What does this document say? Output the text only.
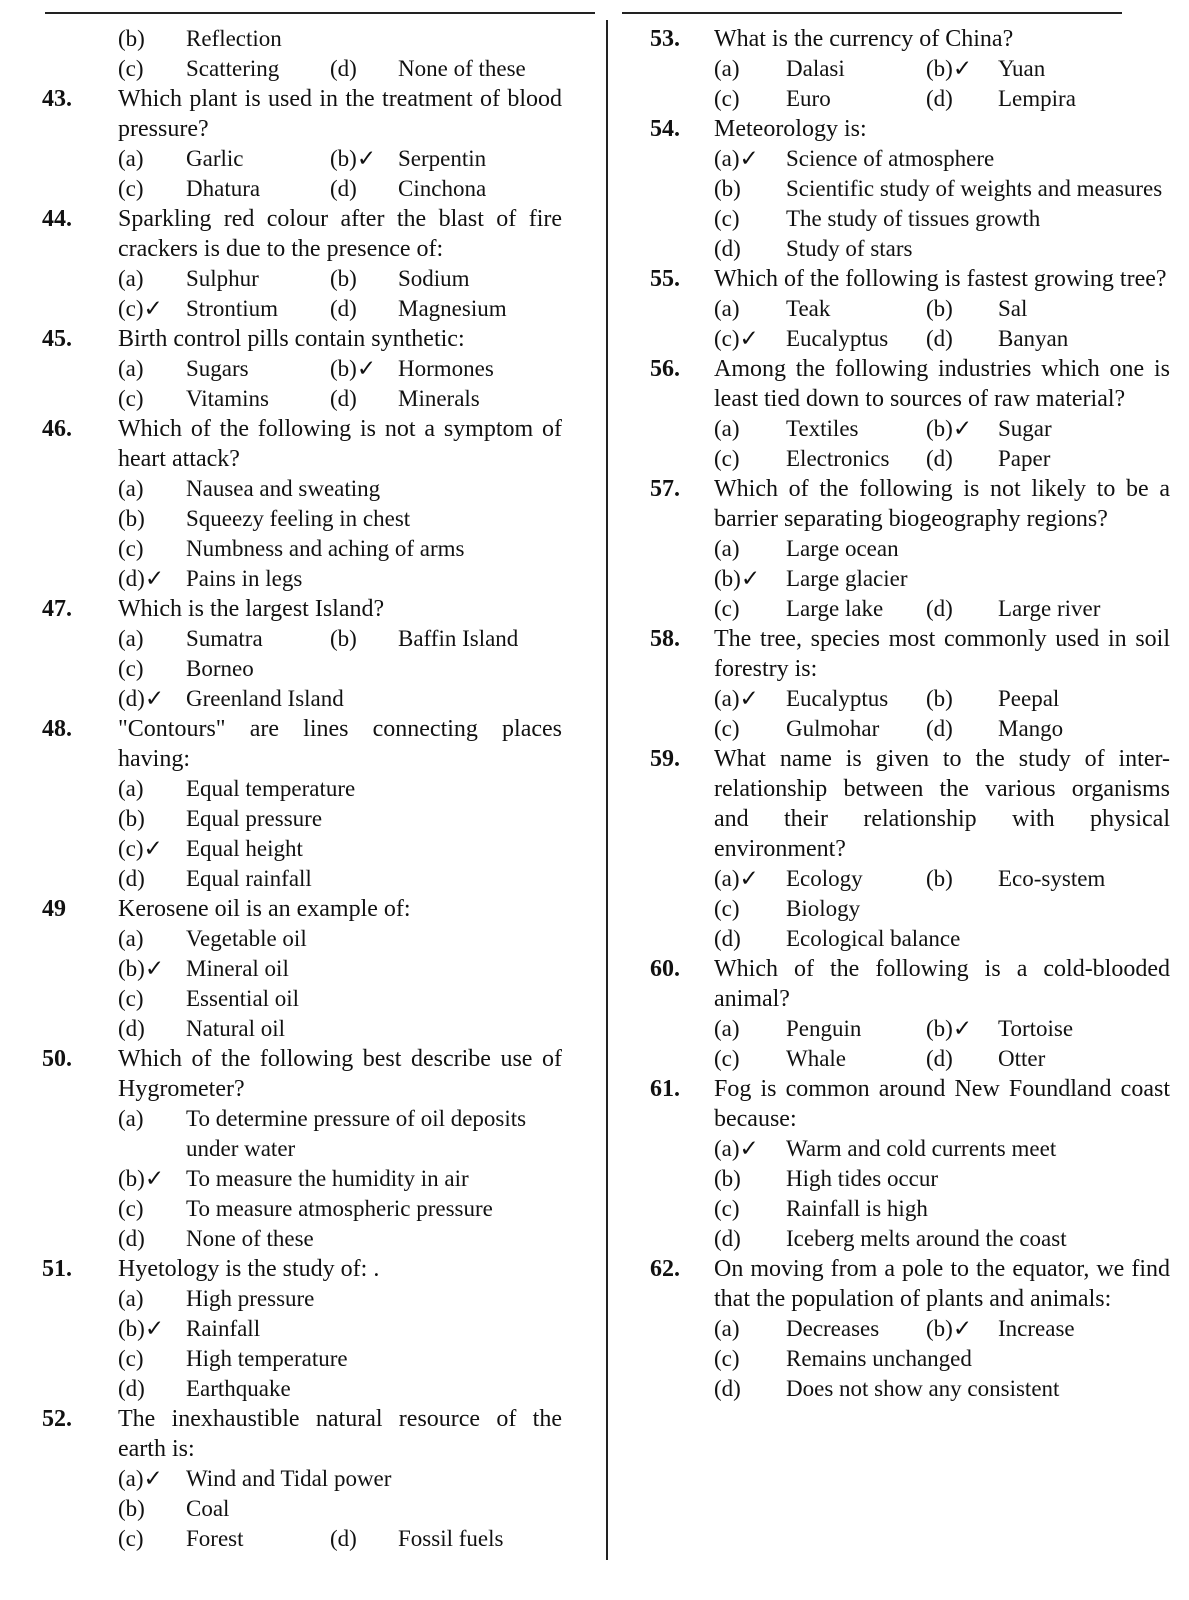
(b)	Reflection
(c)	Scattering (d)	None of these
43.	Which plant is used in the treatment of blood pressure?
(a)	Garlic	(b)✓ Serpentin
(c)	Dhatura	(d)	Cinchona
44.	Sparkling red colour after the blast of fire crackers is due to the presence of:
(a)	Sulphur	(b)	Sodium
(c)✓	Strontium (d)	Magnesium
45.	Birth control pills contain synthetic:
(a)	Sugars	(b)✓ Hormones
(c)	Vitamins	(d)	Minerals
46.	Which of the following is not a symptom of heart attack?
(a)	Nausea and sweating
(b)	Squeezy feeling in chest
(c)	Numbness and aching of arms
(d)✓ Pains in legs
47.	Which is the largest Island?
(a)	Sumatra	(b)	Baffin Island
(c)	Borneo
(d)✓ Greenland Island
48.	"Contours" are lines connecting places having:
(a)	Equal temperature
(b)	Equal pressure
(c)✓	Equal height
(d)	Equal rainfall
49	Kerosene oil is an example of:
(a)	Vegetable oil
(b)✓ Mineral oil
(c)	Essential oil
(d)	Natural oil
50.	Which of the following best describe use of Hygrometer?
(a)	To determine pressure of oil deposits under water
(b)✓ To measure the humidity in air
(c)	To measure atmospheric pressure
(d)	None of these
51.	Hyetology is the study of: .
(a)	High pressure
(b)✓ Rainfall
(c)	High temperature
(d)	Earthquake
52.	The inexhaustible natural resource of the earth is:
(a)✓	Wind and Tidal power
(b)	Coal
(c)	Forest	(d)	Fossil fuels
53.	What is the currency of China?
(a)	Dalasi	(b)✓	Yuan
(c)	Euro	(d)	Lempira
54.	Meteorology is:
(a)✓	Science of atmosphere
(b)	Scientific study of weights and measures
(c)	The study of tissues growth
(d)	Study of stars
55.	Which of the following is fastest growing tree?
(a)	Teak	(b)	Sal
(c)✓	Eucalyptus (d)	Banyan
56.	Among the following industries which one is least tied down to sources of raw material?
(a)	Textiles	(b)✓	Sugar
(c)	Electronics (d)	Paper
57.	Which of the following is not likely to be a barrier separating biogeography regions?
(a)	Large ocean
(b)✓	Large glacier
(c)	Large lake (d)	Large river
58.	The tree, species most commonly used in soil forestry is:
(a)✓	Eucalyptus (b)	Peepal
(c)	Gulmohar (d)	Mango
59.	What name is given to the study of inter-relationship between the various organisms and their relationship with physical environment?
(a)✓	Ecology	(b)	Eco-system
(c)	Biology
(d)	Ecological balance
60.	Which of the following is a cold-blooded animal?
(a)	Penguin	(b)✓	Tortoise
(c)	Whale	(d)	Otter
61.	Fog is common around New Foundland coast because:
(a)✓	Warm and cold currents meet
(b)	High tides occur
(c)	Rainfall is high
(d)	Iceberg melts around the coast
62.	On moving from a pole to the equator, we find that the population of plants and animals:
(a)	Decreases (b)✓	Increase
(c)	Remains unchanged
(d)	Does not show any consistent
